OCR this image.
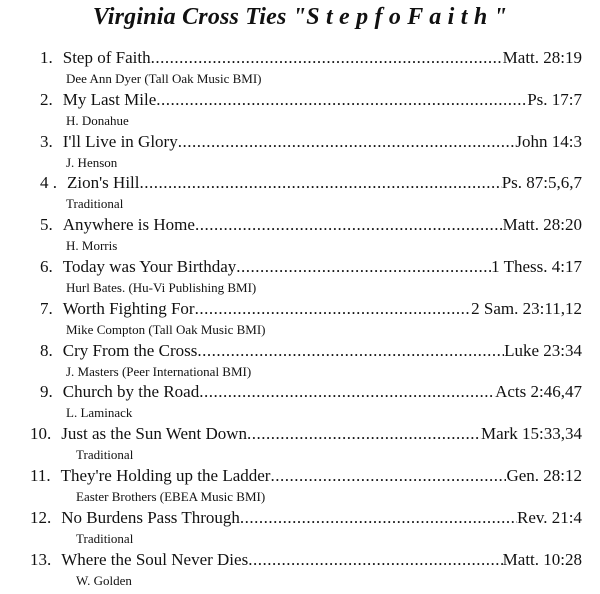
Virginia Cross Ties "S t e p f o F a i t h "
1. Step of Faith .....	Matt. 28:19
Dee Ann Dyer (Tall Oak Music BMI)
2. My Last Mile .....	Ps. 17:7
H. Donahue
3. I'll Live in Glory .....	John 14:3
J. Henson
4 . Zion's Hill .....	Ps. 87:5,6,7
Traditional
5. Anywhere is Home .....	Matt. 28:20
H. Morris
6. Today was Your Birthday .....	1 Thess. 4:17
Hurl Bates. (Hu-Vi Publishing BMI)
7. Worth Fighting For .....	2 Sam. 23:11,12
Mike Compton (Tall Oak Music BMI)
8. Cry From the Cross .....	Luke 23:34
J. Masters (Peer International BMI)
9. Church by the Road .....	Acts 2:46,47
L. Laminack
10. Just as the Sun Went Down .....	Mark 15:33,34
Traditional
11. They're Holding up the Ladder .....	Gen. 28:12
Easter Brothers (EBEA Music BMI)
12. No Burdens Pass Through .....	Rev. 21:4
Traditional
13. Where the Soul Never Dies .....	Matt. 10:28
W. Golden
